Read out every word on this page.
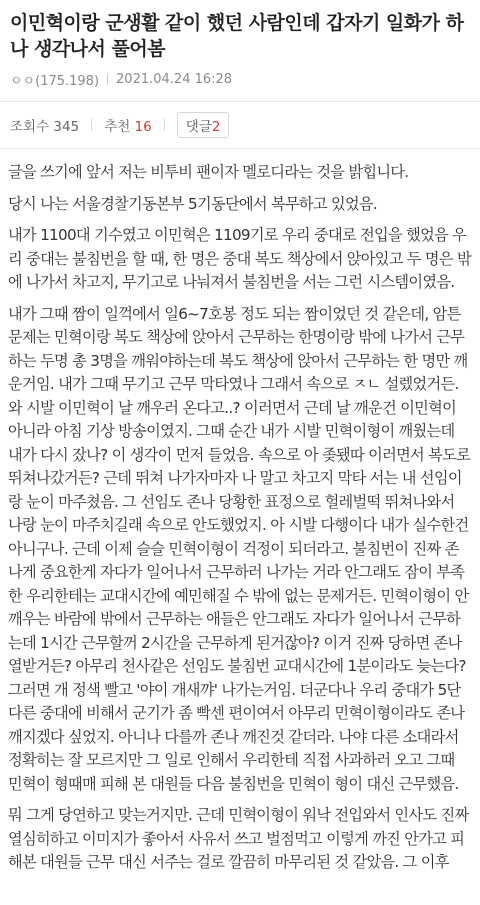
이민혁이랑 군생활 같이 했던 사람인데 갑자기 일화가 하나 생각나서 풀어봄
ㅇㅇ(175.198) 2021.04.24 16:28
조회수 345 추천 16	댓글2

글을 쓰기에 앞서 저는 비투비 팬이자 멜로디라는 것을 밝힙니다.

당시 나는 서울경찰기동본부 5기동단에서 복무하고 있었음.

내가 1100대 기수였고 이민혁은 1109기로 우리 중대로 전입을 했었음 우리 중대는 불침번을 할 때, 한 명은 중대 복도 책상에서 앉아있고 두 명은 밖에 나가서 차고지, 무기고로 나눠져서 불침번을 서는 그런 시스템이였음.

내가 그때 짬이 일꺽에서 일6~7호봉 정도 되는 짬이었던 것 같은데, 암튼 문제는 민혁이랑 복도 책상에 앉아서 근무하는 한명이랑 밖에 나가서 근무하는 두명 총 3명을 깨워야하는데 복도 책상에 앉아서 근무하는 한 명만 깨운거임. 내가 그때 무기고 근무 막타였나 그래서 속으로 ㅈㄴ 설렜었거든. 와 시발 이민혁이 날 깨우러 온다고..? 이러면서 근데 날 깨운건 이민혁이 아니라 아침 기상 방송이였지. 그때 순간 내가 시발 민혁이형이 깨웠는데 내가 다시 잤나? 이 생각이 먼저 들었음. 속으로 아 좆됐따 이러면서 복도로 뛰쳐나갔거든? 근데 뛰쳐 나가자마자 나 말고 차고지 막타 서는 내 선임이랑 눈이 마주쳤음. 그 선임도 존나 당황한 표정으로 헐레벌떡 뛰쳐나와서 나랑 눈이 마주치길래 속으로 안도했었지. 아 시발 다행이다 내가 실수한건 아니구나. 근데 이제 슬슬 민혁이형이 걱정이 되더라고. 불침번이 진짜 존나게 중요한게 자다가 일어나서 근무하러 나가는 거라 안그래도 잠이 부족한 우리한테는 교대시간에 예민해질 수 밖에 없는 문제거든. 민혁이형이 안깨우는 바람에 밖에서 근무하는 애들은 안그래도 자다가 일어나서 근무하는데 1시간 근무할꺼 2시간을 근무하게 된거잖아? 이거 진짜 당하면 존나 열받거든? 아무리 천사같은 선임도 불침번 교대시간에 1분이라도 늦는다? 그러면 개 정색 빨고 '야이 개새꺄' 나가는거임. 더군다나 우리 중대가 5단 다른 중대에 비해서 군기가 좀 빡센 편이여서 아무리 민혁이형이라도 존나 깨지겠다 싶었지. 아니나 다를까 존나 깨진것 같더라. 나야 다른 소대라서 정확히는 잘 모르지만 그 일로 인해서 우리한테 직접 사과하러 오고 그때 민혁이 형때매 피해 본 대원들 다음 불침번을 민혁이 형이 대신 근무했음.

뭐 그게 당연하고 맞는거지만. 근데 민혁이형이 워낙 전입와서 인사도 진짜 열심히하고 이미지가 좋아서 사유서 쓰고 벌점먹고 이렇게 까진 안가고 피해본 대원들 근무 대신 서주는 걸로 깔끔히 마무리된 것 같았음. 그 이후
